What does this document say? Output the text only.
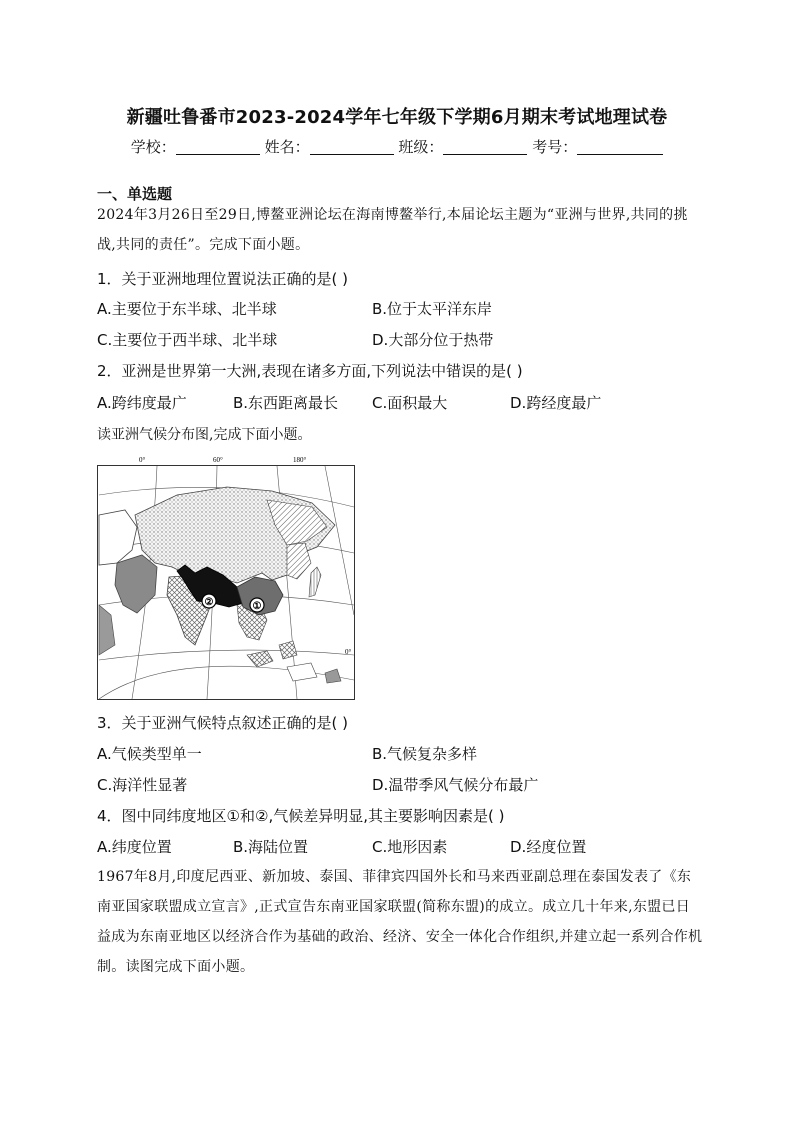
新疆吐鲁番市2023-2024学年七年级下学期6月期末考试地理试卷
学校：	姓名：	班级：	考号：
一、单选题
2024年3月26日至29日,博鳌亚洲论坛在海南博鳌举行,本届论坛主题为“亚洲与世界,共同的挑战,共同的责任”。完成下面小题。
1．关于亚洲地理位置说法正确的是( )
A.主要位于东半球、北半球	B.位于太平洋东岸
C.主要位于西半球、北半球	D.大部分位于热带
2．亚洲是世界第一大洲,表现在诸多方面,下列说法中错误的是( )
A.跨纬度最广	B.东西距离最长 C.面积最大	D.跨经度最广
读亚洲气候分布图,完成下面小题。
②	①
0°	60°	180°
0°
3．关于亚洲气候特点叙述正确的是( )
A.气候类型单一	B.气候复杂多样
C.海洋性显著	D.温带季风气候分布最广
4．图中同纬度地区①和②,气候差异明显,其主要影响因素是( )
A.纬度位置	B.海陆位置	C.地形因素	D.经度位置
1967年8月,印度尼西亚、新加坡、泰国、菲律宾四国外长和马来西亚副总理在泰国发表了《东南亚国家联盟成立宣言》,正式宣告东南亚国家联盟(简称东盟)的成立。成立几十年来,东盟已日益成为东南亚地区以经济合作为基础的政治、经济、安全一体化合作组织,并建立起一系列合作机制。读图完成下面小题。
